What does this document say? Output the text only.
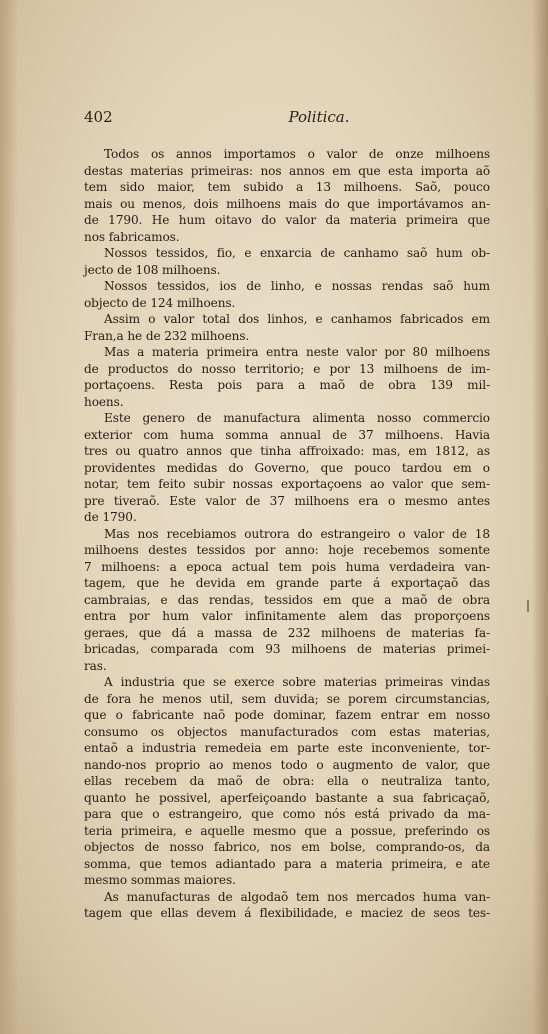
402	Politica.
Todos os annos importamos o valor de onze milhoens
destas materias primeiras: nos annos em que esta importa aõ
tem sido maior, tem subido a 13 milhoens. Saõ, pouco
mais ou menos, dois milhoens mais do que importávamos an-
de 1790. He hum oitavo do valor da materia primeira que
nos fabricamos.
Nossos tessidos, fio, e enxarcia de canhamo saõ hum ob-
jecto de 108 milhoens.
Nossos tessidos, ios de linho, e nossas rendas saõ hum
objecto de 124 milhoens.
Assim o valor total dos linhos, e canhamos fabricados em
Fran,a he de 232 milhoens.
Mas a materia primeira entra neste valor por 80 milhoens
de productos do nosso territorio; e por 13 milhoens de im-
portaçoens. Resta pois para a maõ de obra 139 mil-
hoens.
Este genero de manufactura alimenta nosso commercio
exterior com huma somma annual de 37 milhoens. Havia
tres ou quatro annos que tinha affroixado: mas, em 1812, as
providentes medidas do Governo, que pouco tardou em o
notar, tem feito subir nossas exportaçoens ao valor que sem-
pre tiveraõ. Este valor de 37 milhoens era o mesmo antes
de 1790.
Mas nos recebiamos outrora do estrangeiro o valor de 18
milhoens destes tessidos por anno: hoje recebemos somente
7 milhoens: a epoca actual tem pois huma verdadeira van-
tagem, que he devida em grande parte á exportaçaõ das
cambraias, e das rendas, tessidos em que a maõ de obra
entra por hum valor infinitamente alem das proporçoens
geraes, que dá a massa de 232 milhoens de materias fa-
bricadas, comparada com 93 milhoens de materias primei-
ras.
A industria que se exerce sobre materias primeiras vindas
de fora he menos util, sem duvida; se porem circumstancias,
que o fabricante naõ pode dominar, fazem entrar em nosso
consumo os objectos manufacturados com estas materias,
entaõ a industria remedeia em parte este inconveniente, tor-
nando-nos proprio ao menos todo o augmento de valor, que
ellas recebem da maõ de obra: ella o neutraliza tanto,
quanto he possivel, aperfeiçoando bastante a sua fabricaçaõ,
para que o estrangeiro, que como nós está privado da ma-
teria primeira, e aquelle mesmo que a possue, preferindo os
objectos de nosso fabrico, nos em bolse, comprando-os, da
somma, que temos adiantado para a materia primeira, e ate
mesmo sommas maiores.
As manufacturas de algodaõ tem nos mercados huma van-
tagem que ellas devem á flexibilidade, e maciez de seos tes-
